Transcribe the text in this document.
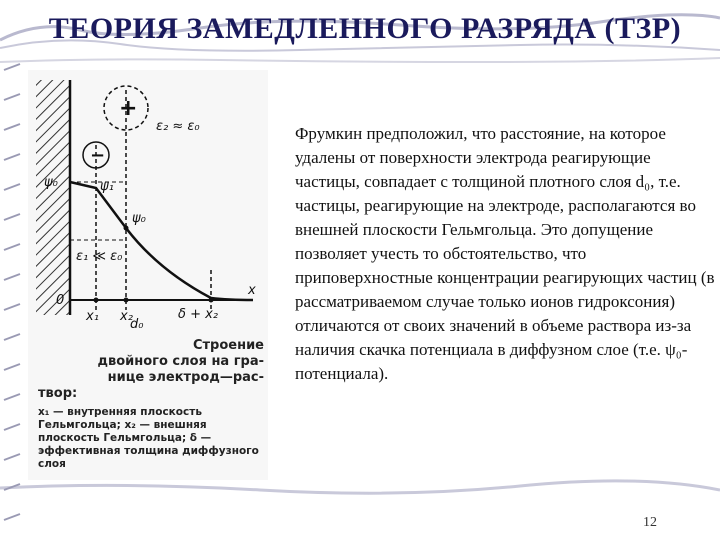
ТЕОРИЯ ЗАМЕДЛЕННОГО РАЗРЯДА (ТЗР)
+
−
ε₂ ≈ ε₀
ψ₀	ψ₁
ψ₀
ε₁ ≪ ε₀
0
x
x₁ x₂	δ + x₂
d₀
Строение
двойного слоя на гра-
нице электрод—рас-
твор:
x₁ — внутренняя плоскость Гельмгольца; x₂ — внешняя плоскость Гельмгольца; δ — эффективная толщина диффузного слоя
Фрумкин предположил, что расстояние, на которое удалены от поверхности электрода реагирующие частицы, совпадает с толщиной плотного слоя d₀, т.е. частицы, реагирующие на электроде, располагаются во внешней плоскости Гельмгольца. Это допущение позволяет учесть то обстоятельство, что приповерхностные концентрации реагирующих частиц (в рассматриваемом случае только ионов гидроксония) отличаются от своих значений в объеме раствора из-за наличия скачка потенциала в диффузном слое (т.е. ψ₀-потенциала).
12
